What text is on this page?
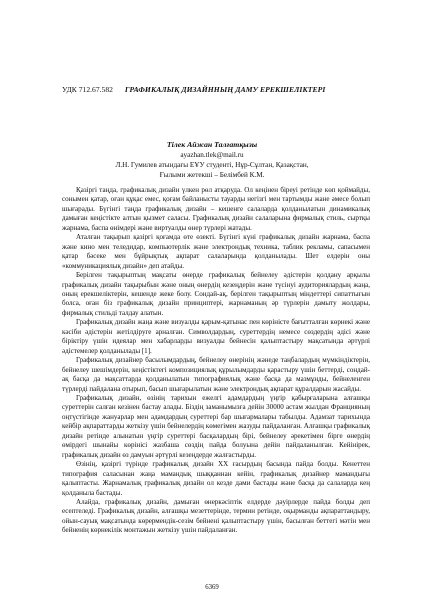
УДК 712.67.582 ГРАФИКАЛЫҚ ДИЗАЙННЫҢ ДАМУ ЕРЕКШЕЛІКТЕРІ
Тілек Айжан Талғатқызы
ayazhan.tlek@mail.ru
Л.Н. Гумилев атындағы ЕҰУ студенті, Нұр-Сұлтан, Қазақстан,
Ғылыми жетекші – Белімбей К.М.

Қазіргі таңда, графикалық дизайн үлкен рөл атқаруда. Ол кеңінен біреуі ретінде көп қоймайды, сонымен қатар, оған құқас емес, қоғам байланысты тауарды негізгі мен тартымды жане әмесе болып шығарады. Бүгінгі таңда графикалық дизайн – кешенге салаларда қолданылатын динамикалық дамыған кеңістікте алтын қызмет саласы. Графикалық дизайн салаларына фирмалық стиль, сыртқы жарнама, баспа өнімдері және виртуалды өнер түрлері жатады.

Аталған тақырып қазіргі қоғамда өте өзекті. Бүгінгі күні графикалық дизайн жарнама, баспа және кино мен теледидар, компьютерлік және электрондық техника, таблик рекламы, сапасымен қатар бәсеке мен бұйрықтық ақпарат салаларында қолданылады. Шет елдерін оны «коммуникациялық дизайн» деп атайды.

Берілген тақырыптың мақсаты өнерде графикалық бейнелеу әдістерін қолдану арқылы графикалық дизайн тақырыбын және оның өнердің кезеңдерін және түсінуі аудиториялардың жаңа, оның ерекшеліктерін, кешенде жеке болу. Сондай-ақ, берілген тақырыптың міндеттері сипаттығын болса, оған біз графикалық дизайн принциптері, жарнаманың әр түрлерін дамыту жолдары, фирмалық стильді талдау алатын.

Графикалық дизайн жаңа және визуалды қарым-қатынас пен көріністе бағытталған көрнекі және кәсіби әдістерін жетілдіруге арналған. Символдардың, суреттердің немесе сөздердің әдісі және біріктіру үшін идеялар мен хабарларды визуалды бейнесін қалыптастыру мақсатында әртүрлі әдістемелер қолданылады [1].

Графикалық дизайнер басылымдардың, бейнелеу өнерінің жәнеде таңбалардың мүмкіндіктерін, бейнелеу шешімдерін, кеңістіктегі композициялық құрылымдарды қарастыру үшін беттерді, сондай-ақ басқа да мақсаттарда қолданылатын типографиялық және басқа да мазмұнды, бейнеленген түрлерді пайдалана отырып, басып шығарылатын және электрондық ақпарат құралдарын жасайды.

Графикалық дизайн, өзінің тарихын ежелгі адамдардың үңгір қабырғаларына алғашқы суреттерін салған кезінен бастау алады. Біздің заманымызға дейін 30000 астам жылдан Францияның оңтүстігінде жануарлар мен адамдардың суреттері бар шығармалары табылды. Адамзат тарихында кейбір ақпараттарды жеткізу үшін бейнелердің көмегімен жазуды пайдаланған. Алғашқы графикалық дизайн ретінде алынатын үңгір суреттері басқалардың бірі, бейнелеу әрекетімен бірге өнердің өмірдегі шынайы көрінісі жазбаша сөздің пайда болуына дейін пайдаланылған. Кейінірек, графикалық дизайн өз дамуын әртүрлі кезеңдерде жалғастырды.

Өзінің, қазіргі түрінде графикалық дизайн ХХ ғасырдың басында пайда болды. Кенеттен типография саласынан жаңа мамандық шыққаннан кейін, графикалық дизайнер мамандығы қалыптасты. Жарнамалық графикалық дизайн ол кезде дами бастады және басқа да салаларда кең қолданыла бастады.

Алайда, графикалық дизайн, дамыған өнеркәсіптік елдерде дәуірлерде пайда болды деп есептеледі. Графикалық дизайн, алғашқы мезеттерінде, термин ретінде, оқырманды ақпараттандыру, ойын-сауық мақсатында көрермендік-сезім бейнені қалыптастыру үшін, басылған беттегі мәтін мен бейненің көрнекілік монтажын жеткізу үшін пайдаланған.

6369
